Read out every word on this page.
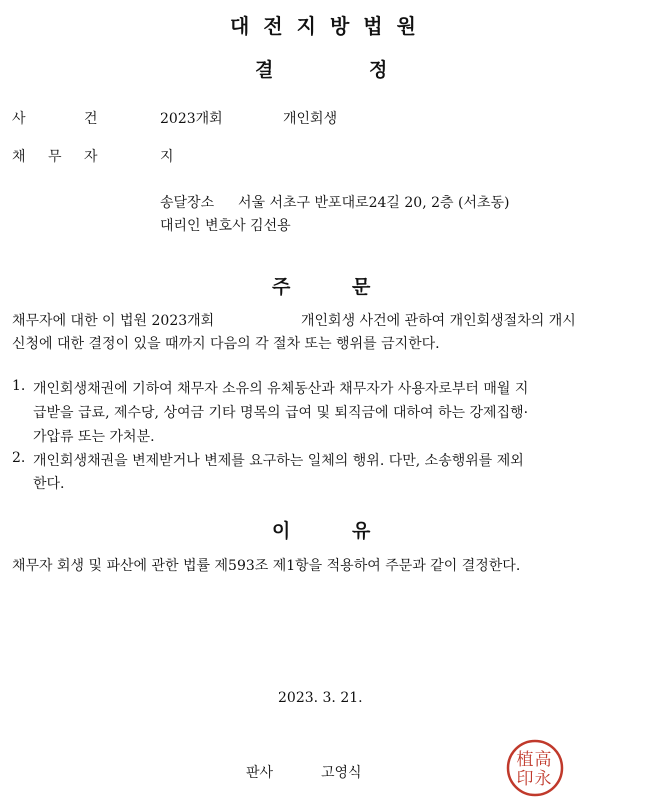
대전지방법원
결	정
사	건	2023개회	개인회생
채 무 자	지
송달장소 서울 서초구 반포대로24길 20, 2층 (서초동)
대리인 변호사 김선용
주	문
채무자에 대한 이 법원 2023개회	개인회생 사건에 관하여 개인회생절차의 개시
신청에 대한 결정이 있을 때까지 다음의 각 절차 또는 행위를 금지한다.
1. 개인회생채권에 기하여 채무자 소유의 유체동산과 채무자가 사용자로부터 매월 지
급받을 급료, 제수당, 상여금 기타 명목의 급여 및 퇴직금에 대하여 하는 강제집행·
가압류 또는 가처분.
2. 개인회생채권을 변제받거나 변제를 요구하는 일체의 행위. 다만, 소송행위를 제외
한다.
이	유
채무자 회생 및 파산에 관한 법률 제593조 제1항을 적용하여 주문과 같이 결정한다.
2023. 3. 21.
판사	고영식
高
永
植
印
